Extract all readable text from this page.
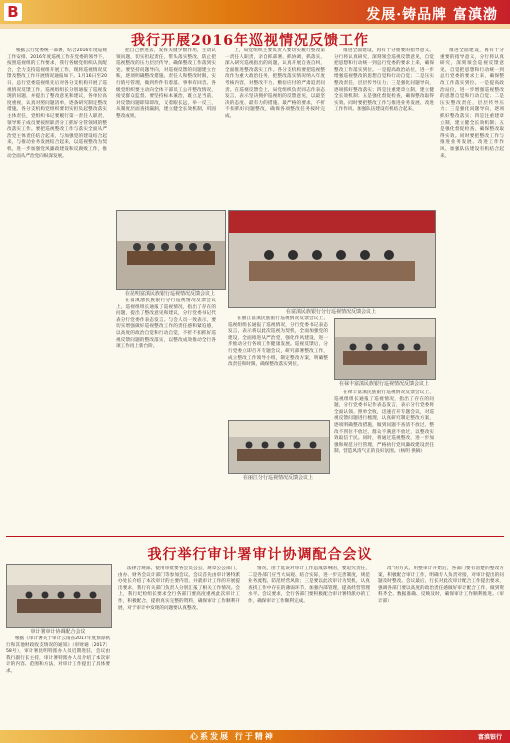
B	发展·铸品牌 富滇渤
我行开展2016年巡视情况反馈工作

根据云行党委统一部署，结合2016年度巡视工作安排，2016年度巡视工作在党委的领导下，按照巡视组的工作要求，我行各级党组织认真配合，全力支持巡视组开展工作，现将巡视情况反馈及整改工作开展情况通报如下。1月16日至20日，总行党委巡视组先后对各分支机构开展了巡视情况反馈工作，巡视组组长分别通报了巡视发现的问题，并提出了整改意见和建议，各单位高度重视，认真对照问题清单，逐条研究制定整改措施。各分支机构党组织要切实担负起整改落实主体责任，党组织书记要履行第一责任人职责，领导班子成员要按照职责分工抓好分管领域的整改落实工作。要把巡视整改工作与落实全面从严治党主体责任结合起来，与加强党的建设结合起来，与推动业务发展结合起来，以巡视整改为契机，进一步加强党风廉政建设和反腐败工作，推动全面从严治党向纵深发展。

把自己摆进去，发挥关键少数作用，主动认领问题，切实担起责任，带头落实整改，防止把巡视整改的压力层层传导，确保整改工作落到实处。要坚持问题导向，对巡视反馈的问题建立台账，逐项明确整改措施、责任人和整改时限，实行销号管理，做到件件有着落、事事有回音。各级党组织要主动向全体干部员工公开整改情况，接受群众监督。要坚持标本兼治，既立足当前，对反馈问题即知即改，又着眼长远，举一反三，从制度层面查找漏洞，建立健全长效机制，巩固整改成果。

上，局党组织主要负责人要切实履行整改第一责任人职责，亲自抓部署、抓协调、抓落实，深入研究巡视指出的问题，认真开展自查自纠，全面推进整改落实工作。各分支机构要把巡视整改作为重大政治任务，把整改落实情况纳入年度考核内容，对整改不力、敷衍应付的严肃追责问责。在巡视反馈会上，局党组织负责同志作表态发言，表示坚决拥护巡视组的反馈意见，以最坚决的态度、最有力的措施、最严格的要求，不折不扣抓好问题整改，确保各项整改任务按时完成。

推进全面建设，再有十分重要的指导意义，分行将认真研究，深刻领会巡视反馈意见，自觉把思想和行动统一到总行党委的要求上来，确保整改工作落实到位。一是提高政治站位，进一步增强巡视整改的思想自觉和行动自觉；二是压实整改责任，层层传导压力；三是强化问题导向，逐项抓好整改落实；四是注重建章立制，建立健全长效机制；五是强化督促检查，确保整改取得实效。同时要把整改工作与推进业务发展、改进工作作风、加强队伍建设有机结合起来。

在昆明富滇民族银行巡视情况反馈会议上

在富滇渤民族银行分行巡视情况反馈会议上，巡视组组长通报了巡视情况，指出了存在的问题，提出了整改意见和建议，分行党委书记代表分行党委作表态发言。与会人员一致表示，要切实增强做好巡视整改工作的责任感和紧迫感，以高度的政治自觉和行动自觉，不折不扣抓好巡视反馈问题的整改落实，以整改成效推动全行各项工作再上新台阶。

在富滇民族银行分行巡视情况反馈会议上

在丽江富滇民族银行巡视情况反馈会议上，巡视组组长通报了巡视情况，分行党委书记表态发言，表示将以此次巡视为契机，全面加强党的建设，全面推进从严治党，强化作风建设，进一步推动分行各项工作健康发展。巡视反馈后，分行党委立即召开专题会议，研究部署整改工作，成立整改工作领导小组，制定整改方案，明确整改责任和时限，确保整改落实到位。

在丽江分行巡视情况反馈会议上
在禄丰富滇民族银行巡视情况反馈会议上

在禄丰富滇民族银行巡视情况反馈会议上，巡视组组长通报了巡视情况，指出了存在的问题，分行党委书记作表态发言，表示分行党委将全面认领、照单全收，迅速召开专题会议，对巡视反馈问题进行梳理，认真研究制定整改方案，逐项明确整改措施，做到问题不查清不放过、整改不到位不放过、群众不满意不放过，以整改实效取信于民。同时，将通过巡视整改，进一步加强和规范分行管理，严格执行党风廉政建设责任制，营造风清气正的良好氛围。（杨明 供稿）

推进全面建设，再有十分重要的指导意义，分行将认真研究，深刻领会巡视反馈意见，自觉把思想和行动统一到总行党委的要求上来，确保整改工作落实到位。一是提高政治站位，进一步增强巡视整改的思想自觉和行动自觉；二是压实整改责任，层层传导压力；三是强化问题导向，逐项抓好整改落实；四是注重建章立制，建立健全长效机制；五是强化督促检查，确保整改取得实效。同时要把整改工作与推进业务发展、改进工作作风、加强队伍建设有机结合起来。

我行举行审计署审计协调配合会议
审计署审计协调配合会议

根据《审计署关于审计云南省2017年度预算执行和其他财政收支情况的通知》（审财通〔2017〕58号），审计署昆明特派办人员近期进驻，会议由我行副行长主持，审计署特派办人员介绍了本次审计的内容、范围和方法，对审计工作提出了具体要求。

法律合规部、使用审批要各会员公公，规章公公部门，由办、财务会议计部门等参加会议。会议首先由审计署特派办处长介绍了本次审计的主要内容，并就审计工作的开展提出要求，我行有关部门负责人分别汇报了相关工作情况。会上，我行纪检组长要求全行各部门要高度重视此次审计工作，积极配合，提供真实完整的资料，确保审计工作顺利开展，对于审计中发现的问题要认真整改。

情况，由于延误对审计工作造成影响的，要追究责任，二是各部门应当大局观、结合实际，进一步完善制度，规范业务流程，防范经营风险；三是要以此次审计为契机，认真查找工作中存在的薄弱环节，加强内部管理，提高经营管理水平。会议要求，全行各部门要积极配合审计署特派办的工作，确保审计工作顺利完成。

改”的方式，用整审计开始后，各部门要有清楚的整改方案，积极配合审计工作，明确专人负责对接，对审计提出的问题及时整改。会议最后，行长对此次审计配合工作提出要求，强调各部门要以高度的政治责任感做好审计配合工作，做到资料齐全、数据准确、反映及时，确保审计工作顺利推进。（审计部）

心系发展 行于精神	富滇银行
